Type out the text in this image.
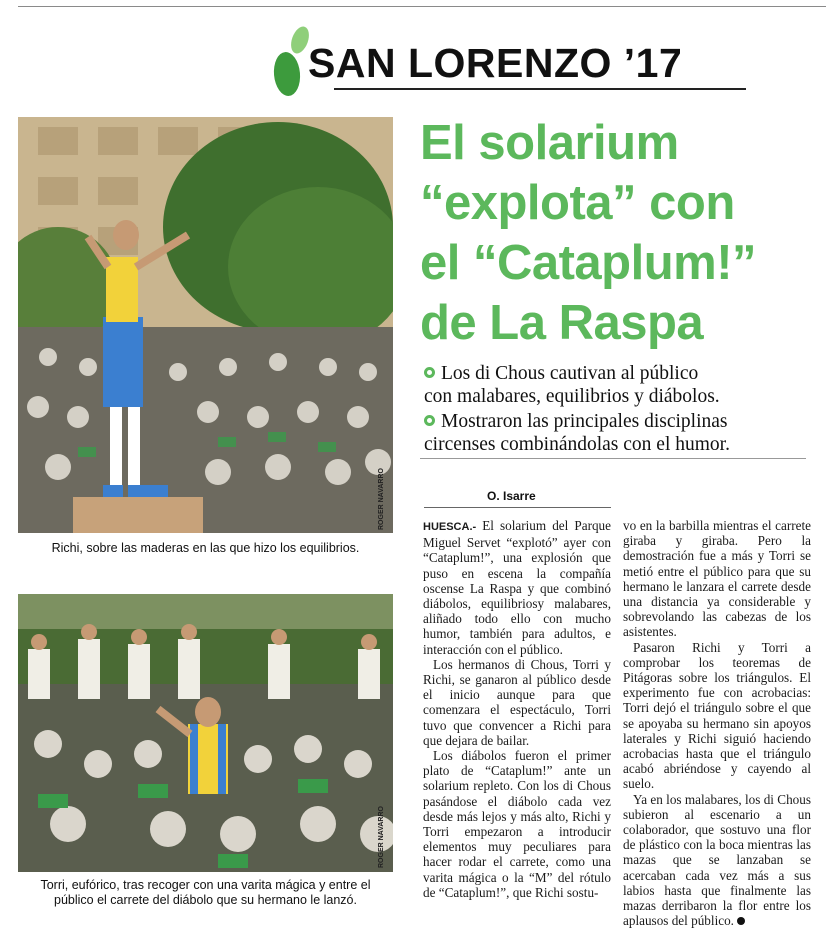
SAN LORENZO ’17
ROGER NAVARRO
Richi, sobre las maderas en las que hizo los equilibrios.
ROGER NAVARRO
Torri, eufórico, tras recoger con una varita mágica y entre el
público el carrete del diábolo que su hermano le lanzó.
El solarium
“explota” con
el “Cataplum!”
de La Raspa
Los di Chous cautivan al público
con malabares, equilibrios y diábolos.
Mostraron las principales disciplinas
circenses combinándolas con el humor.
O. Isarre

HUESCA.- El solarium del Parque Miguel Servet “explotó” ayer con “Cataplum!”, una explosión que puso en escena la compañía oscense La Raspa y que combinó diábolos, equilibriosy malabares, aliñado todo ello con mucho humor, también para adultos, e interacción con el público.

Los hermanos di Chous, Torri y Richi, se ganaron al público desde el inicio aunque para que comenzara el espectáculo, Torri tuvo que convencer a Richi para que dejara de bailar.

Los diábolos fueron el primer plato de “Cataplum!” ante un solarium repleto. Con los di Chous pasándose el diábolo cada vez desde más lejos y más alto, Richi y Torri empezaron a introducir elementos muy peculiares para hacer rodar el carrete, como una varita mágica o la “M” del rótulo de “Cataplum!”, que Richi sostu-

vo en la barbilla mientras el carrete giraba y giraba. Pero la demostración fue a más y Torri se metió entre el público para que su hermano le lanzara el carrete desde una distancia ya considerable y sobrevolando las cabezas de los asistentes.

Pasaron Richi y Torri a comprobar los teoremas de Pitágoras sobre los triángulos. El experimento fue con acrobacias: Torri dejó el triángulo sobre el que se apoyaba su hermano sin apoyos laterales y Richi siguió haciendo acrobacias hasta que el triángulo acabó abriéndose y cayendo al suelo.

Ya en los malabares, los di Chous subieron al escenario a un colaborador, que sostuvo una flor de plástico con la boca mientras las mazas que se lanzaban se acercaban cada vez más a sus labios hasta que finalmente las mazas derribaron la flor entre los aplausos del público.
